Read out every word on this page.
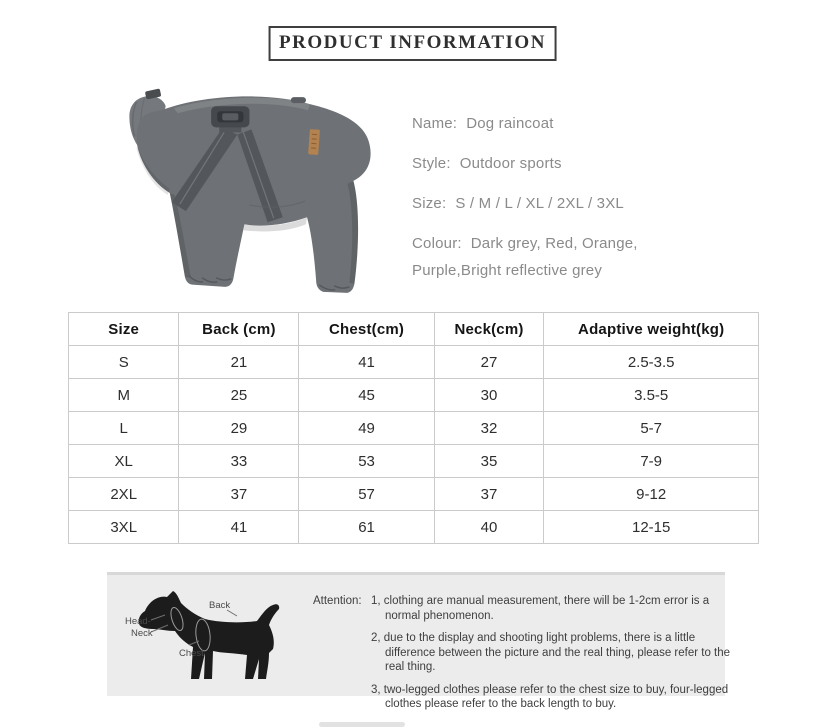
PRODUCT INFORMATION
Name: Dog raincoat
Style: Outdoor sports
Size: S / M / L / XL / 2XL / 3XL
Colour: Dark grey, Red, Orange, Purple,Bright reflective grey
Size	Back (cm)	Chest(cm)	Neck(cm)	Adaptive weight(kg)
S	21	41	27	2.5-3.5
M	25	45	30	3.5-5
L	29	49	32	5-7
XL	33	53	35	7-9
2XL	37	57	37	9-12
3XL	41	61	40	12-15
Back
Head-
Neck
Chest
Attention: 1, clothing are manual measurement, there will be 1-2cm error is a normal phenomenon.
2, due to the display and shooting light problems, there is a little difference between the picture and the real thing, please refer to the real thing.
3, two-legged clothes please refer to the chest size to buy, four-legged clothes please refer to the back length to buy.
